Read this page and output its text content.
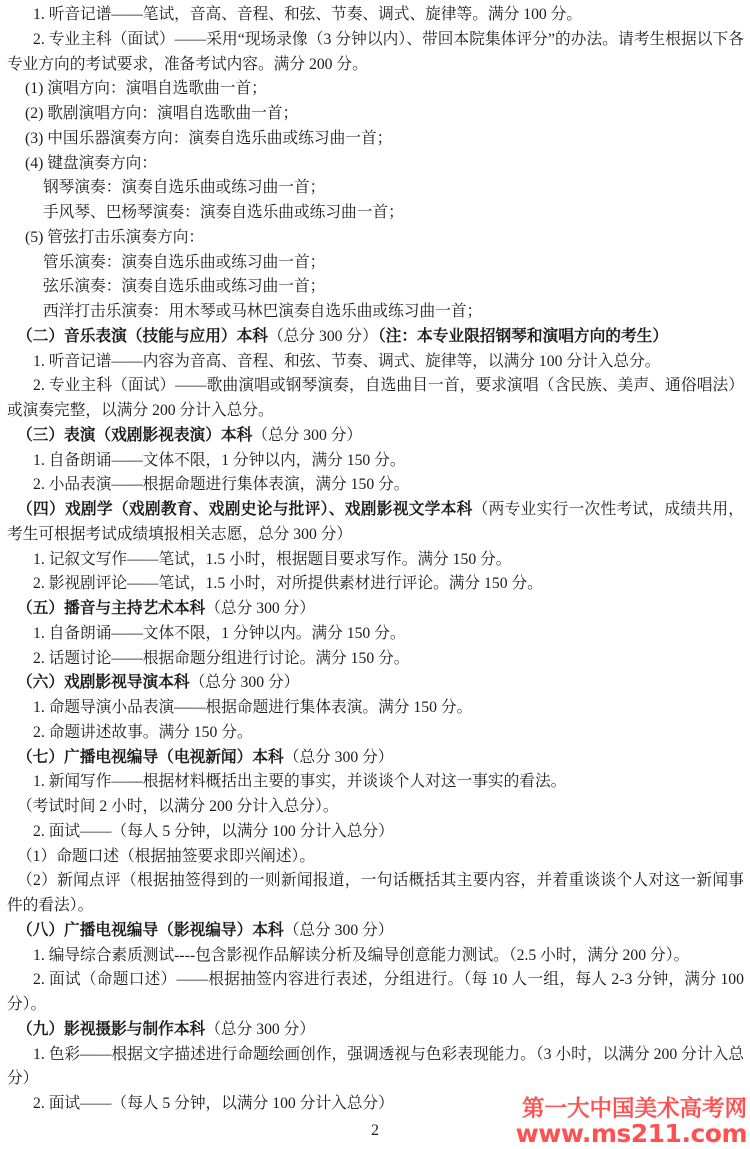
1. 听音记谱——笔试，音高、音程、和弦、节奏、调式、旋律等。满分 100 分。

2. 专业主科（面试）——采用“现场录像（3 分钟以内）、带回本院集体评分”的办法。请考生根据以下各专业方向的考试要求，准备考试内容。满分 200 分。

(1) 演唱方向：演唱自选歌曲一首；

(2) 歌剧演唱方向：演唱自选歌曲一首；

(3) 中国乐器演奏方向：演奏自选乐曲或练习曲一首；

(4) 键盘演奏方向：

钢琴演奏：演奏自选乐曲或练习曲一首；

手风琴、巴杨琴演奏：演奏自选乐曲或练习曲一首；

(5) 管弦打击乐演奏方向：

管乐演奏：演奏自选乐曲或练习曲一首；

弦乐演奏：演奏自选乐曲或练习曲一首；

西洋打击乐演奏：用木琴或马林巴演奏自选乐曲或练习曲一首；

（二）音乐表演（技能与应用）本科（总分 300 分）（注：本专业限招钢琴和演唱方向的考生）

1. 听音记谱——内容为音高、音程、和弦、节奏、调式、旋律等，以满分 100 分计入总分。

2. 专业主科（面试）——歌曲演唱或钢琴演奏，自选曲目一首，要求演唱（含民族、美声、通俗唱法）或演奏完整，以满分 200 分计入总分。

（三）表演（戏剧影视表演）本科（总分 300 分）

1. 自备朗诵——文体不限，1 分钟以内，满分 150 分。

2. 小品表演——根据命题进行集体表演，满分 150 分。

（四）戏剧学（戏剧教育、戏剧史论与批评）、戏剧影视文学本科（两专业实行一次性考试，成绩共用，考生可根据考试成绩填报相关志愿，总分 300 分）

1. 记叙文写作——笔试，1.5 小时，根据题目要求写作。满分 150 分。

2. 影视剧评论——笔试，1.5 小时，对所提供素材进行评论。满分 150 分。

（五）播音与主持艺术本科（总分 300 分）

1. 自备朗诵——文体不限，1 分钟以内。满分 150 分。

2. 话题讨论——根据命题分组进行讨论。满分 150 分。

（六）戏剧影视导演本科（总分 300 分）

1. 命题导演小品表演——根据命题进行集体表演。满分 150 分。

2. 命题讲述故事。满分 150 分。

（七）广播电视编导（电视新闻）本科（总分 300 分）

1. 新闻写作——根据材料概括出主要的事实，并谈谈个人对这一事实的看法。

（考试时间 2 小时，以满分 200 分计入总分）。

2. 面试——（每人 5 分钟，以满分 100 分计入总分）

（1）命题口述（根据抽签要求即兴阐述）。

（2）新闻点评（根据抽签得到的一则新闻报道，一句话概括其主要内容，并着重谈谈个人对这一新闻事件的看法）。

（八）广播电视编导（影视编导）本科（总分 300 分）

1. 编导综合素质测试----包含影视作品解读分析及编导创意能力测试。（2.5 小时，满分 200 分）。

2. 面试（命题口述）——根据抽签内容进行表述，分组进行。（每 10 人一组，每人 2-3 分钟，满分 100 分）。

（九）影视摄影与制作本科（总分 300 分）

1. 色彩——根据文字描述进行命题绘画创作，强调透视与色彩表现能力。（3 小时，以满分 200 分计入总分）

2. 面试——（每人 5 分钟，以满分 100 分计入总分）

2
第一大中国美术高考网
www.ms211.com
